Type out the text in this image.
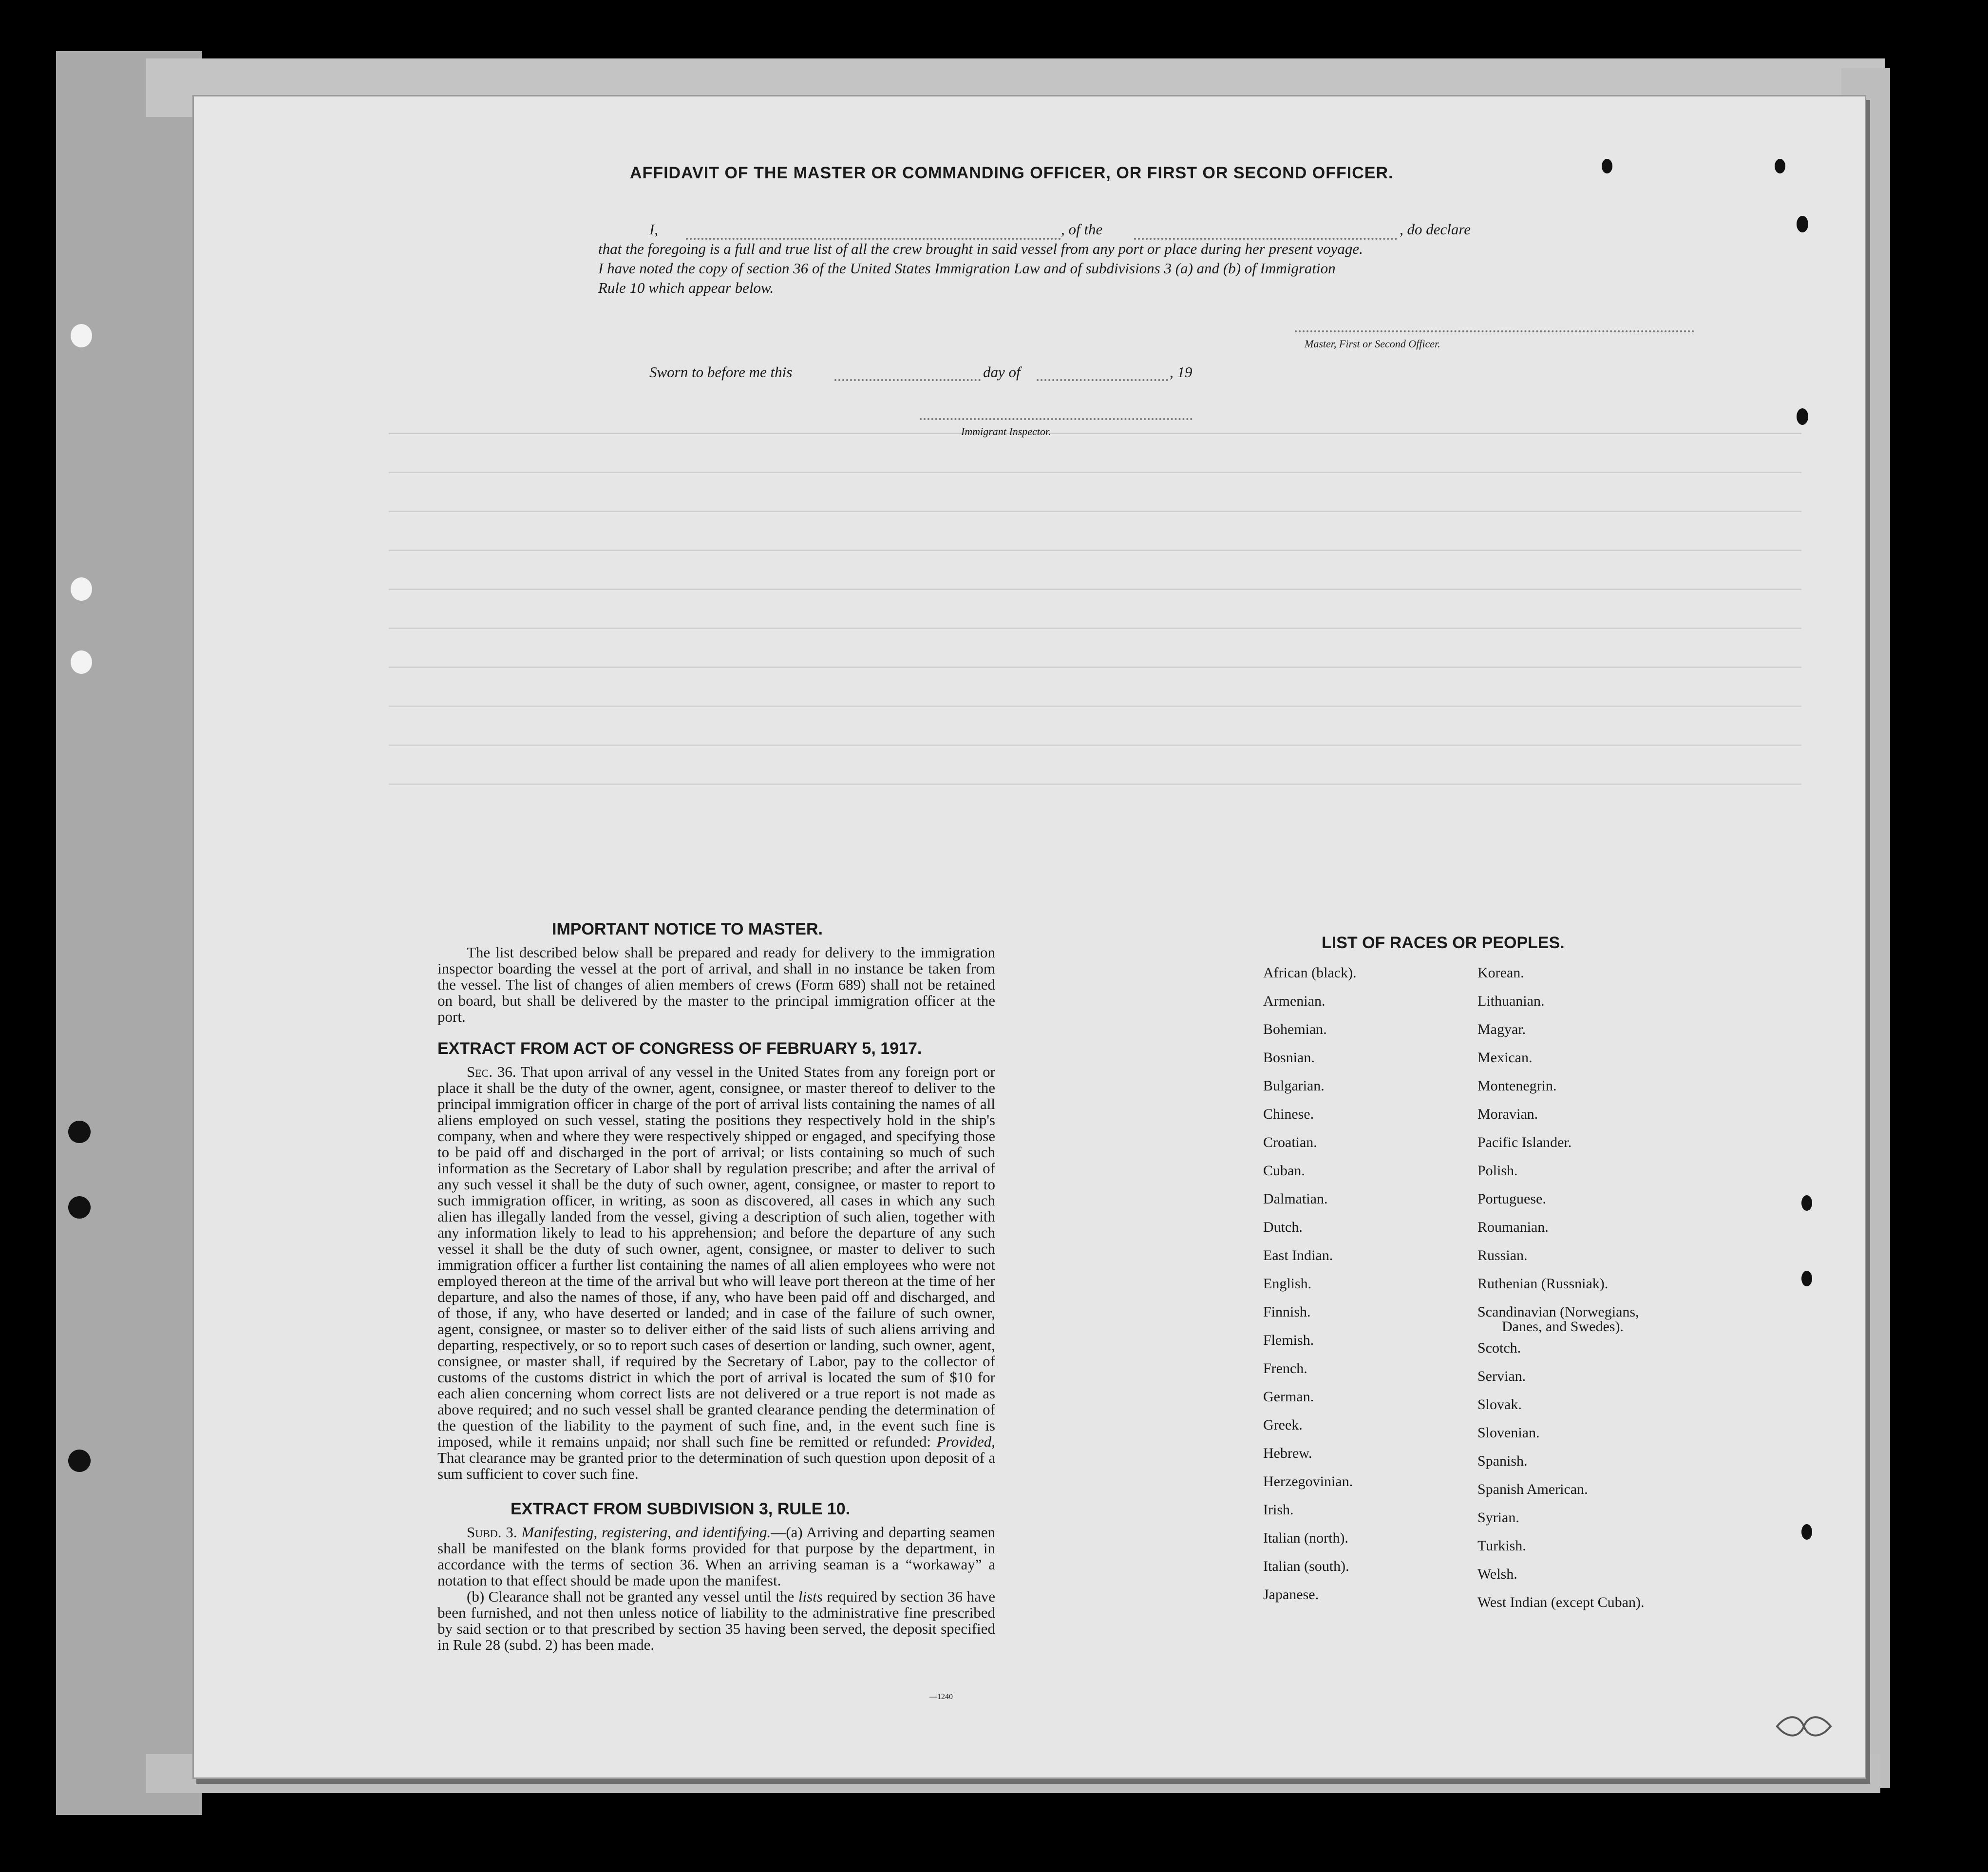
AFFIDAVIT OF THE MASTER OR COMMANDING OFFICER, OR FIRST OR SECOND OFFICER.
I,	, of the	, do declare
that the foregoing is a full and true list of all the crew brought in said vessel from any port or place during her present voyage.
I have noted the copy of section 36 of the United States Immigration Law and of subdivisions 3 (a) and (b) of Immigration
Rule 10 which appear below.
Master, First or Second Officer.
Sworn to before me this	day of	, 19
Immigrant Inspector.
IMPORTANT NOTICE TO MASTER.

The list described below shall be prepared and ready for delivery to the immigration inspector boarding the vessel at the port of arrival, and shall in no instance be taken from the vessel. The list of changes of alien members of crews (Form 689) shall not be retained on board, but shall be delivered by the master to the principal immigration officer at the port.

EXTRACT FROM ACT OF CONGRESS OF FEBRUARY 5, 1917.

Sec. 36. That upon arrival of any vessel in the United States from any foreign port or place it shall be the duty of the owner, agent, consignee, or master thereof to deliver to the principal immigration officer in charge of the port of arrival lists containing the names of all aliens employed on such vessel, stating the positions they respectively hold in the ship's company, when and where they were respectively shipped or engaged, and specifying those to be paid off and discharged in the port of arrival; or lists containing so much of such information as the Secretary of Labor shall by regulation prescribe; and after the arrival of any such vessel it shall be the duty of such owner, agent, consignee, or master to report to such immigration officer, in writing, as soon as discovered, all cases in which any such alien has illegally landed from the vessel, giving a description of such alien, together with any information likely to lead to his apprehension; and before the departure of any such vessel it shall be the duty of such owner, agent, consignee, or master to deliver to such immigration officer a further list containing the names of all alien employees who were not employed thereon at the time of the arrival but who will leave port thereon at the time of her departure, and also the names of those, if any, who have been paid off and discharged, and of those, if any, who have deserted or landed; and in case of the failure of such owner, agent, consignee, or master so to deliver either of the said lists of such aliens arriving and departing, respectively, or so to report such cases of desertion or landing, such owner, agent, consignee, or master shall, if required by the Secretary of Labor, pay to the collector of customs of the customs district in which the port of arrival is located the sum of $10 for each alien concerning whom correct lists are not delivered or a true report is not made as above required; and no such vessel shall be granted clearance pending the determination of the question of the liability to the payment of such fine, and, in the event such fine is imposed, while it remains unpaid; nor shall such fine be remitted or refunded: Provided, That clearance may be granted prior to the determination of such question upon deposit of a sum sufficient to cover such fine.

EXTRACT FROM SUBDIVISION 3, RULE 10.

Subd. 3. Manifesting, registering, and identifying.—(a) Arriving and departing seamen shall be manifested on the blank forms provided for that purpose by the department, in accordance with the terms of section 36. When an arriving seaman is a “workaway” a notation to that effect should be made upon the manifest.

(b) Clearance shall not be granted any vessel until the lists required by section 36 have been furnished, and not then unless notice of liability to the administrative fine prescribed by said section or to that prescribed by section 35 having been served, the deposit specified in Rule 28 (subd. 2) has been made.

—1240
LIST OF RACES OR PEOPLES.
African (black).
Armenian.
Bohemian.
Bosnian.
Bulgarian.
Chinese.
Croatian.
Cuban.
Dalmatian.
Dutch.
East Indian.
English.
Finnish.
Flemish.
French.
German.
Greek.
Hebrew.
Herzegovinian.
Irish.
Italian (north).
Italian (south).
Japanese.
Korean.
Lithuanian.
Magyar.
Mexican.
Montenegrin.
Moravian.
Pacific Islander.
Polish.
Portuguese.
Roumanian.
Russian.
Ruthenian (Russniak).
Scandinavian (Norwegians,
Danes, and Swedes).
Scotch.
Servian.
Slovak.
Slovenian.
Spanish.
Spanish American.
Syrian.
Turkish.
Welsh.
West Indian (except Cuban).
